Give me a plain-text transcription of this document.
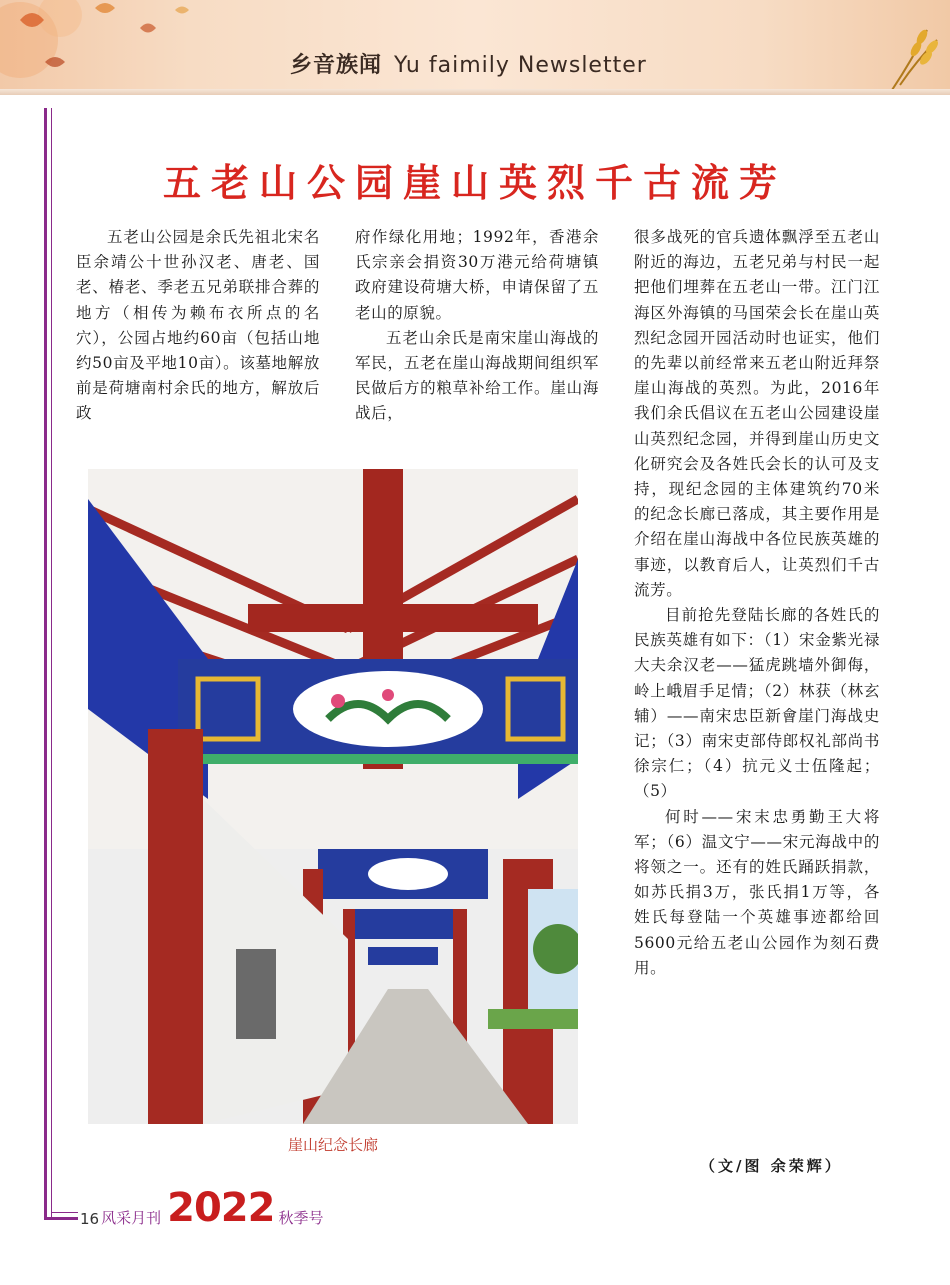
乡音族闻 Yu faimily Newsletter
五老山公园崖山英烈千古流芳

五老山公园是余氏先祖北宋名臣余靖公十世孙汉老、唐老、国老、椿老、季老五兄弟联排合葬的地方（相传为赖布衣所点的名穴），公园占地约60亩（包括山地约50亩及平地10亩）。该墓地解放前是荷塘南村余氏的地方，解放后政

府作绿化用地；1992年，香港余氏宗亲会捐资30万港元给荷塘镇政府建设荷塘大桥，申请保留了五老山的原貌。

五老山余氏是南宋崖山海战的军民，五老在崖山海战期间组织军民做后方的粮草补给工作。崖山海战后，

很多战死的官兵遗体飘浮至五老山附近的海边，五老兄弟与村民一起把他们埋葬在五老山一带。江门江海区外海镇的马国荣会长在崖山英烈纪念园开园活动时也证实，他们的先辈以前经常来五老山附近拜祭崖山海战的英烈。为此，2016年我们余氏倡议在五老山公园建设崖山英烈纪念园，并得到崖山历史文化研究会及各姓氏会长的认可及支持，现纪念园的主体建筑约70米的纪念长廊已落成，其主要作用是介绍在崖山海战中各位民族英雄的事迹，以教育后人，让英烈们千古流芳。

目前抢先登陆长廊的各姓氏的民族英雄有如下：（1）宋金紫光禄大夫余汉老——猛虎跳墙外御侮，岭上峨眉手足情；（2）林获（林玄辅）——南宋忠臣新會崖门海战史记；（3）南宋吏部侍郎权礼部尚书徐宗仁；（4）抗元义士伍隆起；（5）

何时——宋末忠勇勤王大将军；（6）温文宁——宋元海战中的将领之一。还有的姓氏踊跃捐款，如苏氏捐3万，张氏捐1万等，各姓氏每登陆一个英雄事迹都给回5600元给五老山公园作为刻石费用。

崖山纪念长廊
（文/图 余荣辉）
16 风采月刊 2022 秋季号
